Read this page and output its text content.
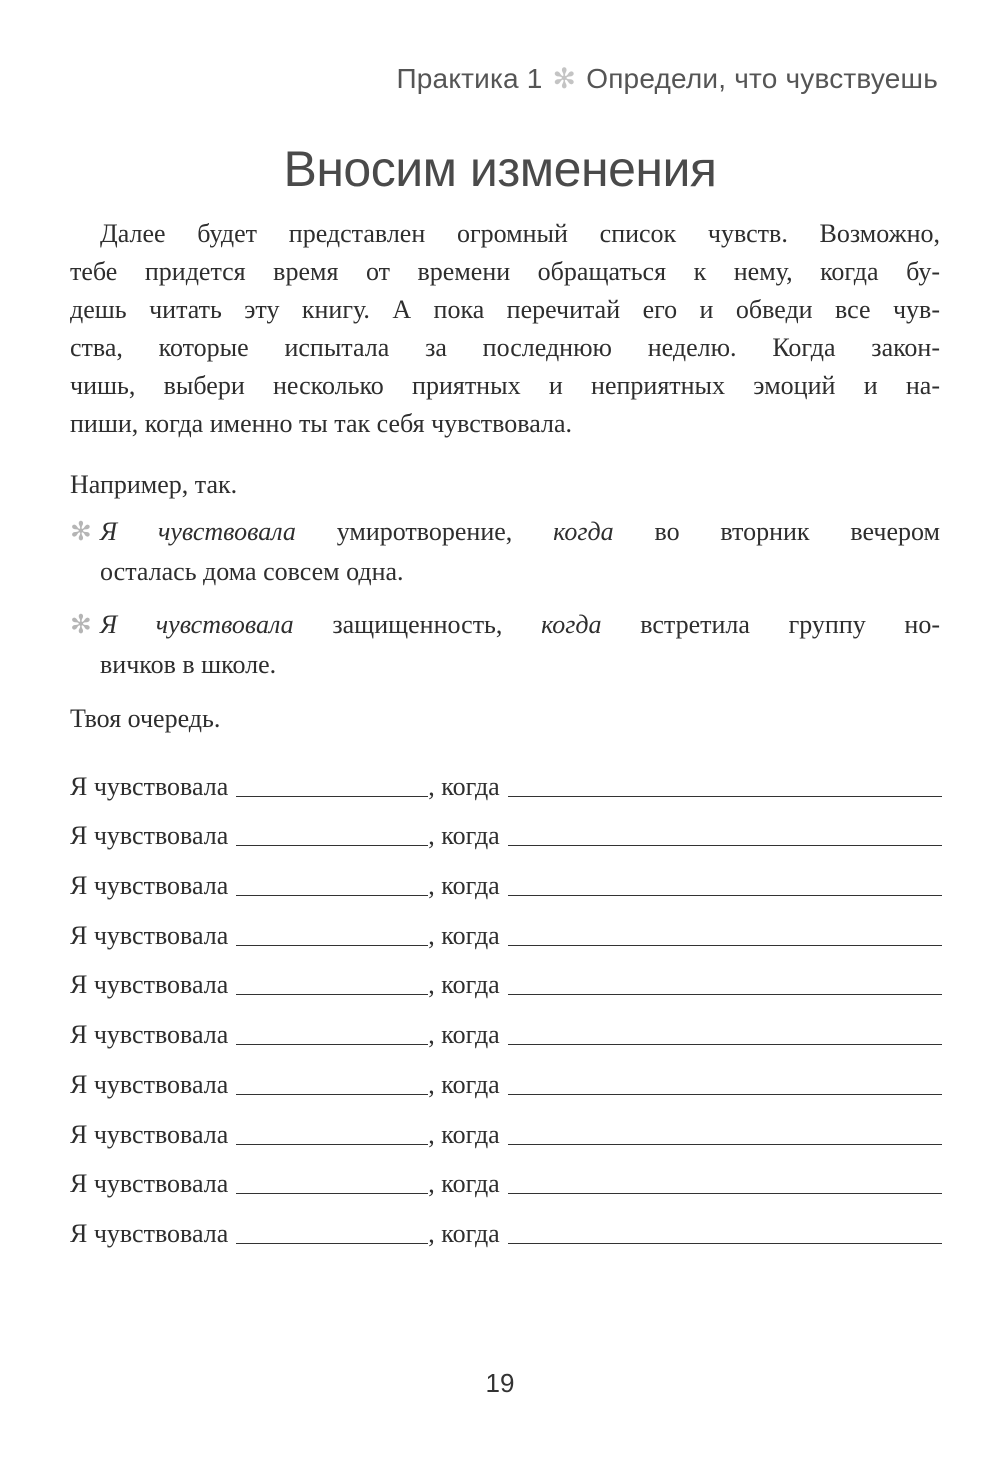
Практика 1 ✻ Определи, что чувствуешь
Вносим изменения
Далее будет представлен огромный список чувств. Возможно,
тебе придется время от времени обращаться к нему, когда бу-
дешь читать эту книгу. А пока перечитай его и обведи все чув-
ства, которые испытала за последнюю неделю. Когда закон-
чишь, выбери несколько приятных и неприятных эмоций и на-
пиши, когда именно ты так себя чувствовала.
Например, так.
✻ Я чувствовала умиротворение, когда во вторник вечером
осталась дома совсем одна.
✻ Я чувствовала защищенность, когда встретила группу но-
вичков в школе.
Твоя очередь.
Я чувствовала	, когда
Я чувствовала	, когда
Я чувствовала	, когда
Я чувствовала	, когда
Я чувствовала	, когда
Я чувствовала	, когда
Я чувствовала	, когда
Я чувствовала	, когда
Я чувствовала	, когда
Я чувствовала	, когда
19
